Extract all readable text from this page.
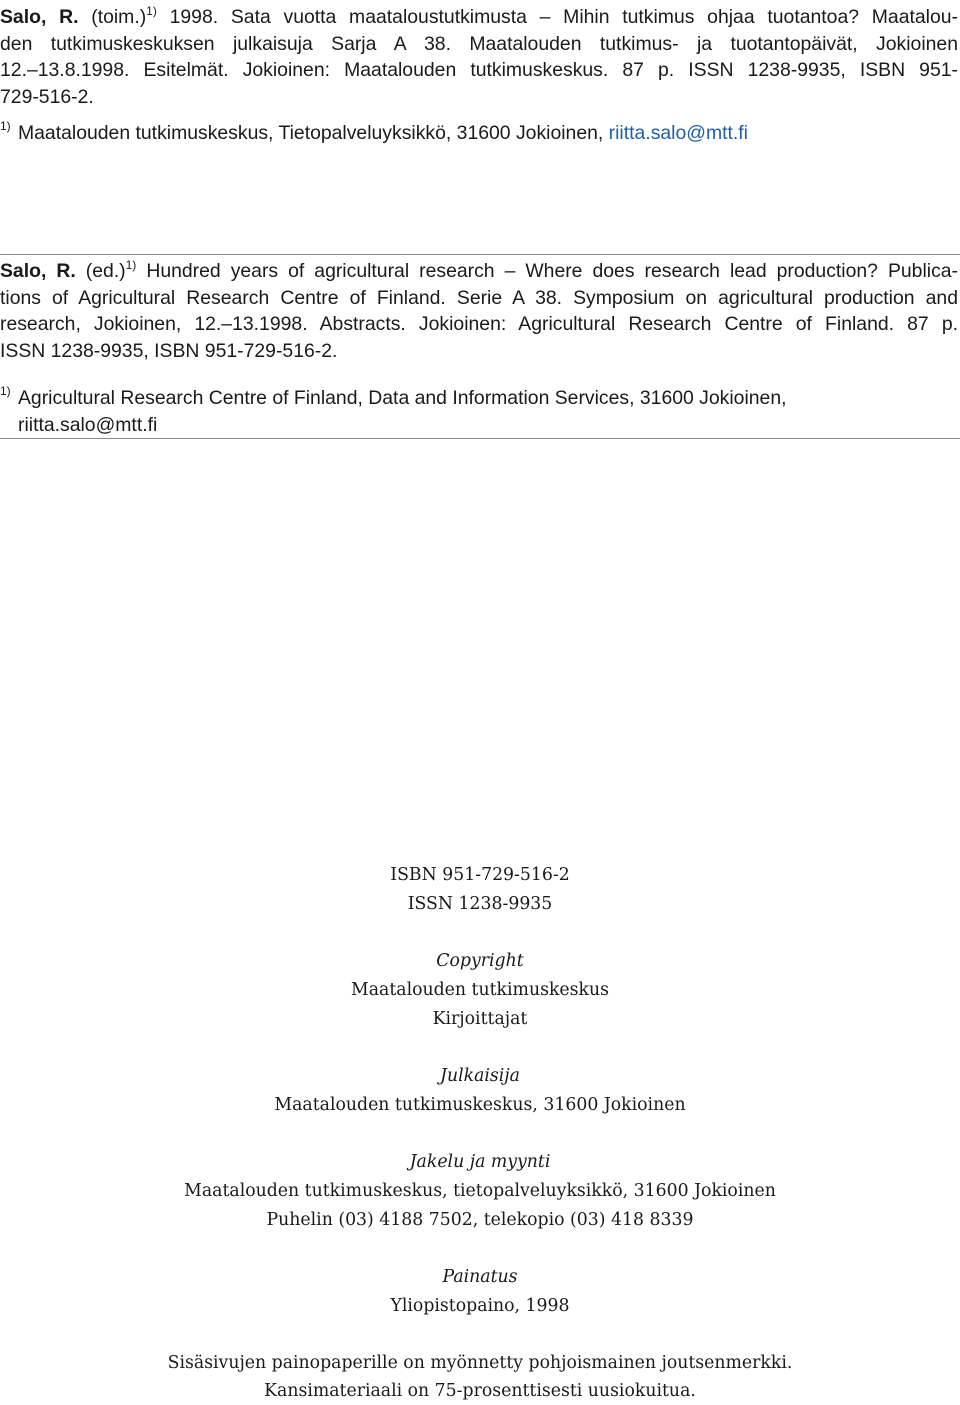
Salo, R. (toim.)$^{1)}$ 1998. Sata vuotta maataloustutkimusta – Mihin tutkimus ohjaa tuotantoa? Maatalou-
den tutkimuskeskuksen julkaisuja Sarja A 38. Maatalouden tutkimus- ja tuotantopäivät, Jokioinen
12.–13.8.1998. Esitelmät. Jokioinen: Maatalouden tutkimuskeskus. 87 p. ISSN 1238-9935, ISBN 951-
729-516-2.
1) Maatalouden tutkimuskeskus, Tietopalveluyksikkö, 31600 Jokioinen, riitta.salo@mtt.fi
Salo, R. $(ed.)^{1)}$ Hundred years of agricultural research – Where does research lead production? Publica-
tions of Agricultural Research Centre of Finland. Serie A 38. Symposium on agricultural production and
research, Jokioinen, 12.–13.1998. Abstracts. Jokioinen: Agricultural Research Centre of Finland. 87 p.
ISSN 1238-9935, ISBN 951-729-516-2.
1) Agricultural Research Centre of Finland, Data and Information Services, 31600 Jokioinen,
riitta.salo@mtt.fi
ISBN 951-729-516-2
ISSN 1238-9935
Copyright
Maatalouden tutkimuskeskus
Kirjoittajat
Julkaisija
Maatalouden tutkimuskeskus, 31600 Jokioinen
Jakelu ja myynti
Maatalouden tutkimuskeskus, tietopalveluyksikkö, 31600 Jokioinen
Puhelin (03) 4188 7502, telekopio (03) 418 8339
Painatus
Yliopistopaino, 1998
Sisäsivujen painopaperille on myönnetty pohjoismainen joutsenmerkki.
Kansimateriaali on 75-prosenttisesti uusiokuitua.
